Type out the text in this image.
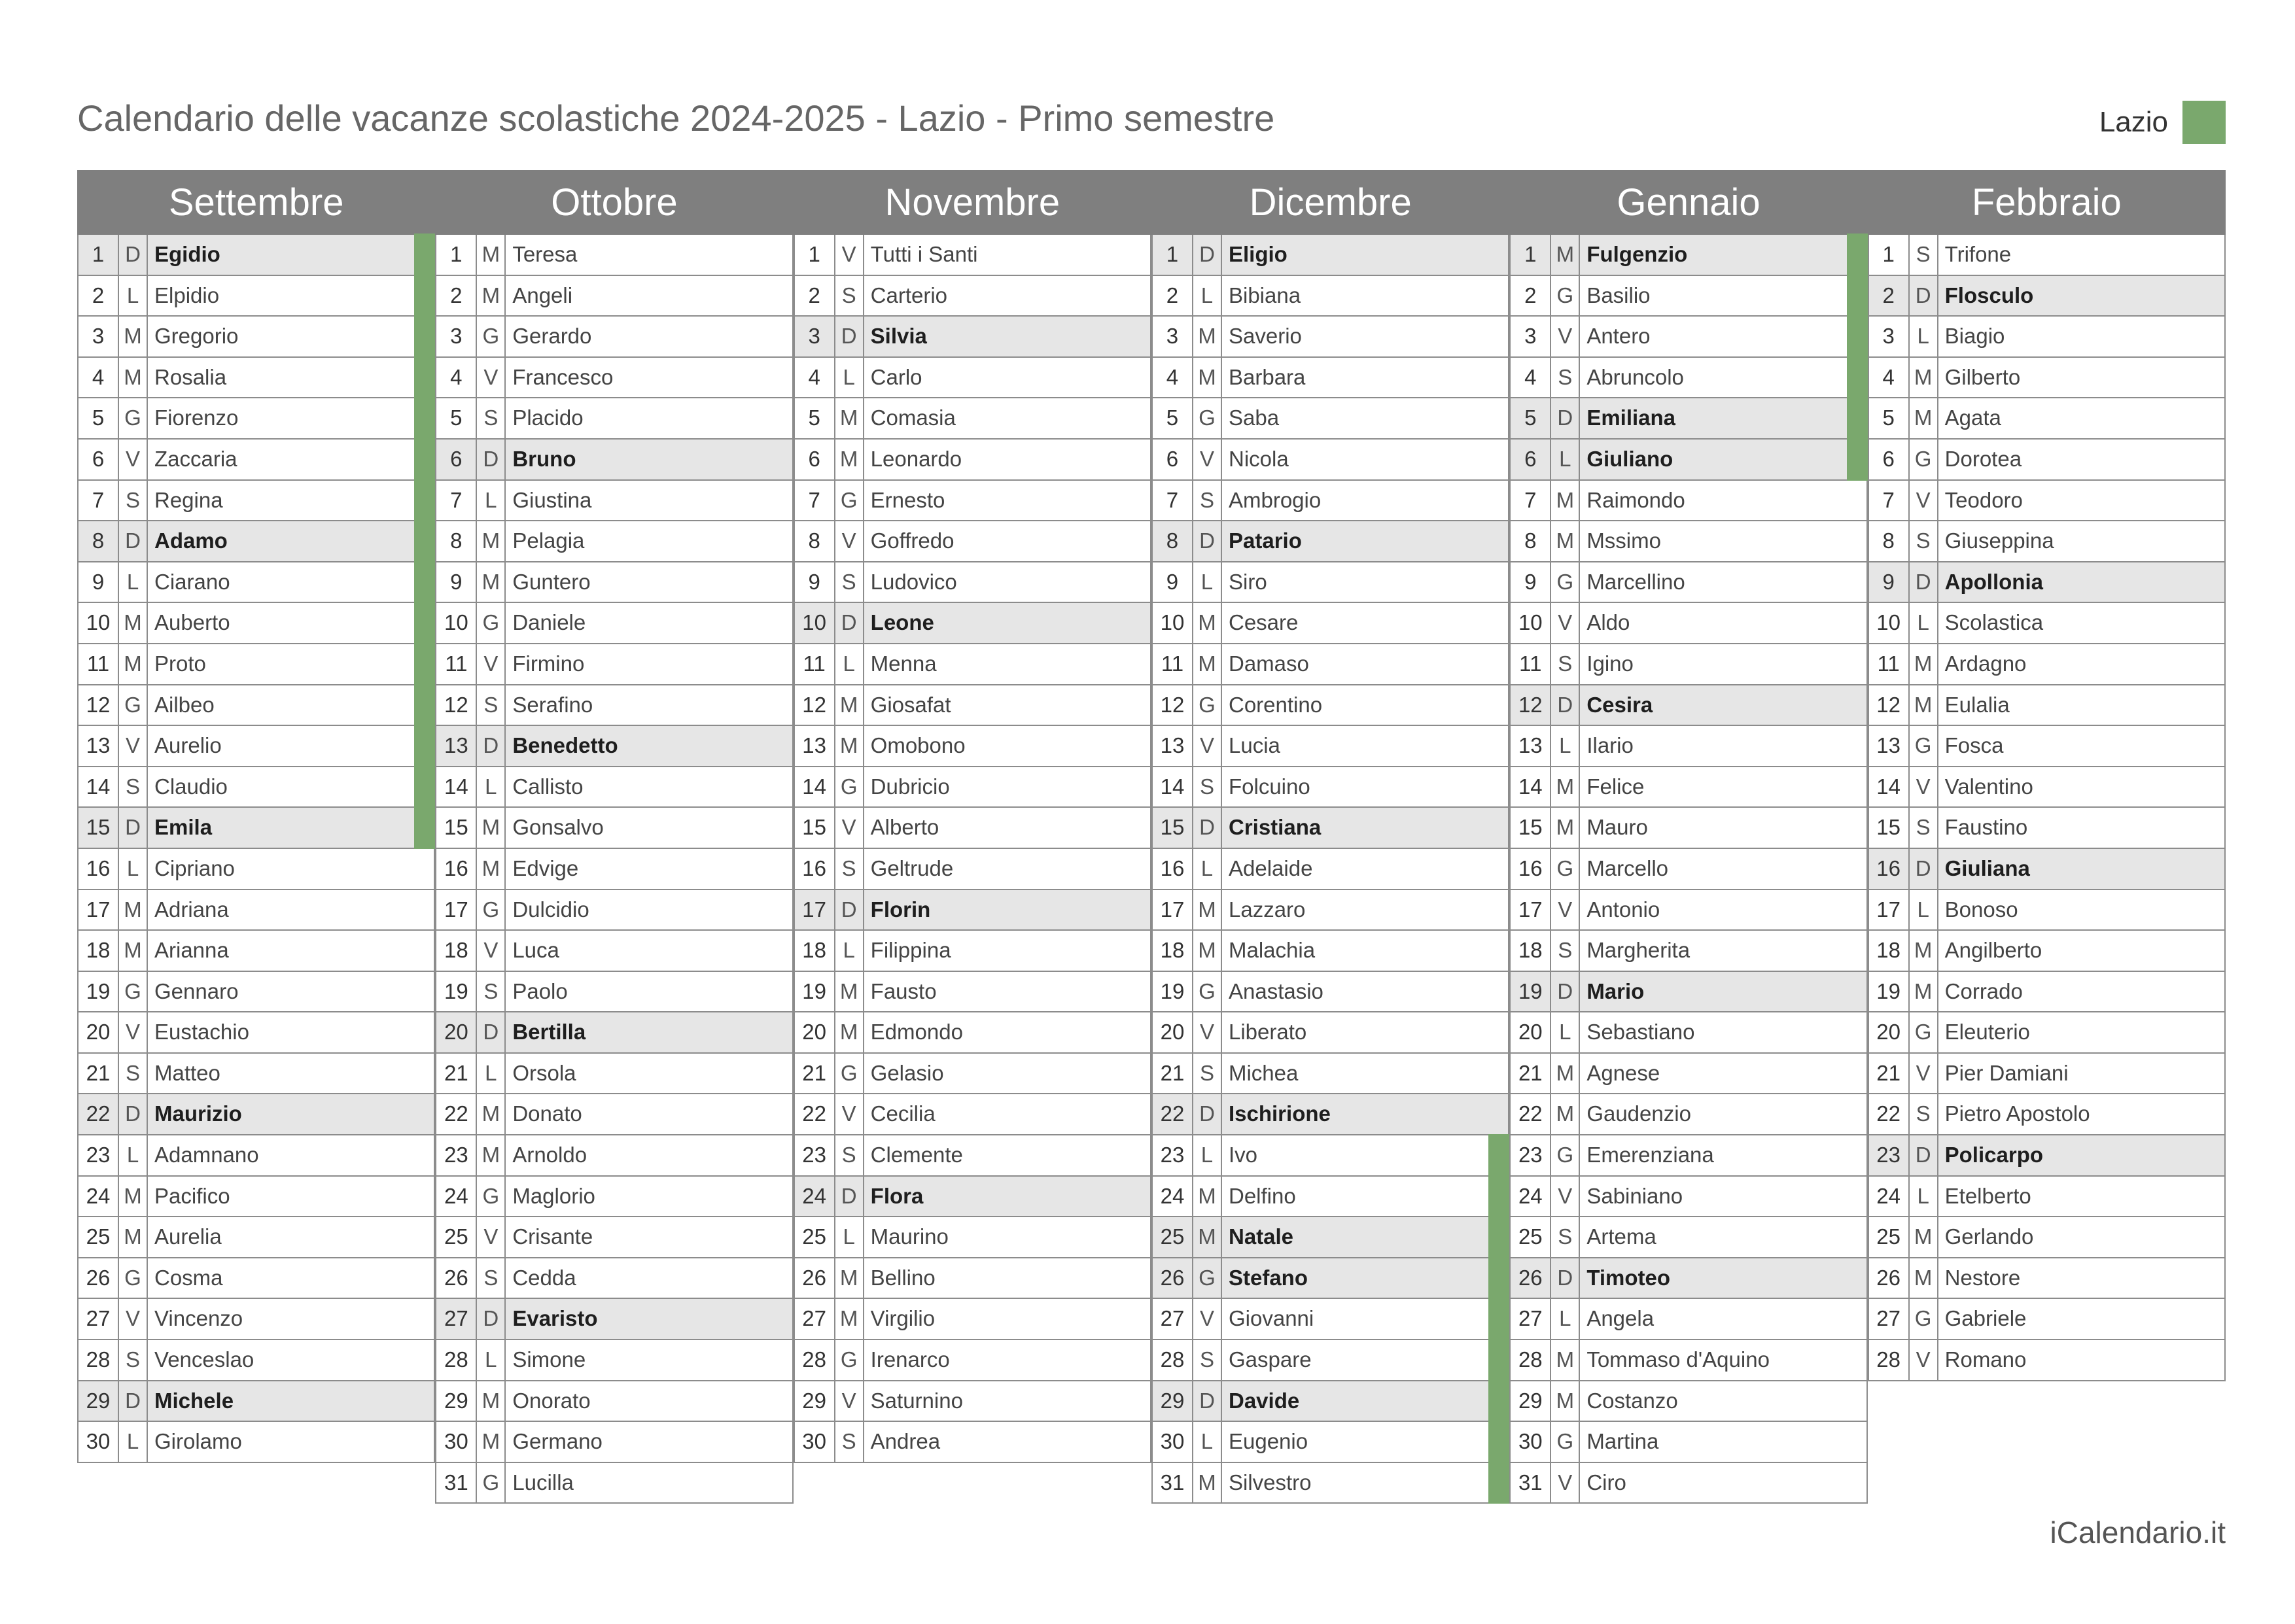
Calendario delle vacanze scolastiche 2024-2025 - Lazio - Primo semestre	Lazio
Settembre	Ottobre	Novembre	Dicembre	Gennaio	Febbraio
1 D Egidio
2	L Elpidio
3 M Gregorio
4 M Rosalia
5 G Fiorenzo
6 V Zaccaria
7 S Regina
8 D Adamo
9	L Ciarano
10 M Auberto
11 M Proto
12 G Ailbeo
13 V Aurelio
14 S Claudio
15 D Emila
16 L Cipriano
17 M Adriana
18 M Arianna
19 G Gennaro
20 V Eustachio
21 S Matteo
22 D Maurizio
23 L Adamnano
24 M Pacifico
25 M Aurelia
26 G Cosma
27 V Vincenzo
28 S Venceslao
29 D Michele
30 L Girolamo
1 M Teresa
2 M Angeli
3 G Gerardo
4 V Francesco
5 S Placido
6 D Bruno
7	L Giustina
8 M Pelagia
9 M Guntero
10 G Daniele
11 V Firmino
12 S Serafino
13 D Benedetto
14 L Callisto
15 M Gonsalvo
16 M Edvige
17 G Dulcidio
18 V Luca
19 S Paolo
20 D Bertilla
21 L Orsola
22 M Donato
23 M Arnoldo
24 G Maglorio
25 V Crisante
26 S Cedda
27 D Evaristo
28 L Simone
29 M Onorato
30 M Germano
31 G Lucilla
1 V Tutti i Santi
2 S Carterio
3 D Silvia
4	L Carlo
5 M Comasia
6 M Leonardo
7 G Ernesto
8 V Goffredo
9 S Ludovico
10 D Leone
11 L Menna
12 M Giosafat
13 M Omobono
14 G Dubricio
15 V Alberto
16 S Geltrude
17 D Florin
18 L Filippina
19 M Fausto
20 M Edmondo
21 G Gelasio
22 V Cecilia
23 S Clemente
24 D Flora
25 L Maurino
26 M Bellino
27 M Virgilio
28 G Irenarco
29 V Saturnino
30 S Andrea
1 D Eligio
2	L Bibiana
3 M Saverio
4 M Barbara
5 G Saba
6 V Nicola
7 S Ambrogio
8 D Patario
9	L Siro
10 M Cesare
11 M Damaso
12 G Corentino
13 V Lucia
14 S Folcuino
15 D Cristiana
16 L Adelaide
17 M Lazzaro
18 M Malachia
19 G Anastasio
20 V Liberato
21 S Michea
22 D Ischirione
23 L Ivo
24 M Delfino
25 M Natale
26 G Stefano
27 V Giovanni
28 S Gaspare
29 D Davide
30 L Eugenio
31 M Silvestro
1 M Fulgenzio
2 G Basilio
3 V Antero
4 S Abruncolo
5 D Emiliana
6	L Giuliano
7 M Raimondo
8 M Mssimo
9 G Marcellino
10 V Aldo
11 S Igino
12 D Cesira
13 L Ilario
14 M Felice
15 M Mauro
16 G Marcello
17 V Antonio
18 S Margherita
19 D Mario
20 L Sebastiano
21 M Agnese
22 M Gaudenzio
23 G Emerenziana
24 V Sabiniano
25 S Artema
26 D Timoteo
27 L Angela
28 M Tommaso d'Aquino
29 M Costanzo
30 G Martina
31 V Ciro
1 S Trifone
2 D Flosculo
3	L Biagio
4 M Gilberto
5 M Agata
6 G Dorotea
7 V Teodoro
8 S Giuseppina
9 D Apollonia
10 L Scolastica
11 M Ardagno
12 M Eulalia
13 G Fosca
14 V Valentino
15 S Faustino
16 D Giuliana
17 L Bonoso
18 M Angilberto
19 M Corrado
20 G Eleuterio
21 V Pier Damiani
22 S Pietro Apostolo
23 D Policarpo
24 L Etelberto
25 M Gerlando
26 M Nestore
27 G Gabriele
28 V Romano
iCalendario.it
